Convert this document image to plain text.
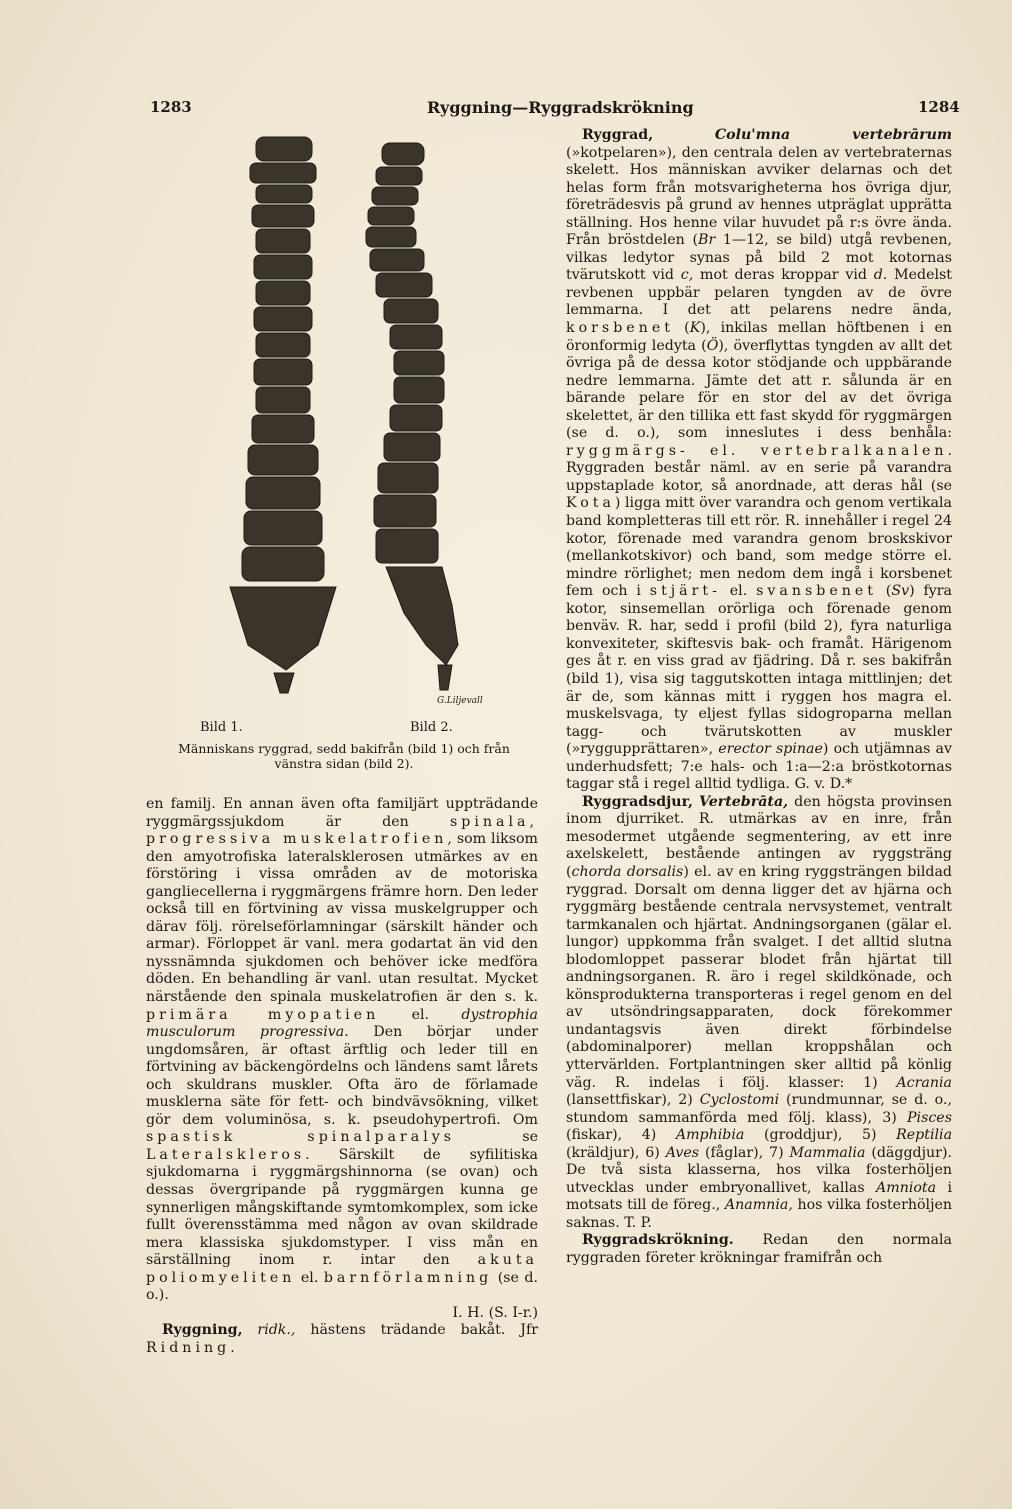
1283	Ryggning—Ryggradskrökning	1284
G.Liljevall
Bild 1.	Bild 2.
Människans ryggrad, sedd bakifrån (bild 1) och från
vänstra sidan (bild 2).

en familj. En annan även ofta familjärt uppträdande ryggmärgssjukdom är den	spinala, progressiva muskelatrofien, som liksom den amyotrofiska lateralsklerosen utmärkes av en förstöring i vissa områden av de motoriska gangliecellerna i ryggmärgens främre horn. Den leder också till en förtvining av vissa muskelgrupper och därav följ. rörelseförlamningar (särskilt händer och armar). Förloppet är vanl. mera godartat än vid den nyssnämnda sjukdomen och behöver icke medföra döden. En behandling är vanl. utan resultat. Mycket närstående den spinala muskelatrofien är den s. k. primära myopatien el. dystrophia musculorum progressiva. Den börjar under ungdomsåren, är oftast ärftlig och leder till en förtvining av bäckengördelns och ländens samt lårets och skuldrans muskler. Ofta äro de förlamade musklerna säte för fett- och bindvävsökning, vilket gör dem voluminösa, s. k. pseudohypertrofi. Om spastisk spinalparalys	se Lateralskleros. Särskilt de syfilitiska sjukdomarna i ryggmärgshinnorna (se ovan) och dessas övergripande på ryggmärgen kunna ge synnerligen mångskiftande symtomkomplex, som icke fullt överensstämma med någon av ovan skildrade mera klassiska sjukdomstyper. I viss mån en särställning inom r. intar den akuta poliomyeliten el. barnförlamning (se d. o.).

I. H. (S. I-r.)

Ryggning, ridk., hästens trädande bakåt. Jfr Ridning.

Ryggrad,	Colu'mna vertebrārum (»kotpelaren»), den centrala delen av vertebraternas skelett. Hos människan avviker delarnas och det helas form från motsvarigheterna hos övriga djur, företrädesvis på grund av hennes utpräglat upprätta ställning. Hos henne vilar huvudet på r:s övre ända. Från bröstdelen (Br 1—12, se bild) utgå revbenen, vilkas ledytor synas på bild 2 mot kotornas tvärutskott vid c, mot deras kroppar vid d. Medelst revbenen uppbär pelaren tyngden av de övre lemmarna. I det att pelarens nedre ända, korsbenet (K), inkilas mellan höftbenen i en öronformig ledyta (Ö), överflyttas tyngden av allt det övriga på de dessa kotor stödjande och uppbärande nedre lemmarna. Jämte det att r. sålunda är en bärande pelare för en stor del av det övriga skelettet, är den tillika ett fast skydd för ryggmärgen (se d. o.), som inneslutes i dess benhåla: ryggmärgs- el. vertebralkanalen. Ryggraden består näml. av en serie på varandra uppstaplade kotor, så anordnade, att deras hål (se Kota) ligga mitt över varandra och genom vertikala band kompletteras till ett rör. R. innehåller i regel 24 kotor, förenade med varandra genom broskskivor (mellankotskivor) och band, som medge större el. mindre rörlighet; men nedom dem ingå i korsbenet fem och i stjärt- el. svansbenet (Sv) fyra kotor, sinsemellan orörliga och förenade genom benväv. R. har, sedd i profil (bild 2), fyra naturliga konvexiteter, skiftesvis bak- och framåt. Härigenom ges åt r. en viss grad av fjädring. Då r. ses bakifrån (bild 1), visa sig taggutskotten intaga mittlinjen; det är de, som kännas mitt i ryggen hos magra el. muskelsvaga, ty eljest fyllas sidogroparna mellan tagg- och tvärutskotten av muskler (»ryggupprättaren», erector spinae) och utjämnas av underhudsfett; 7:e hals- och 1:a—2:a bröstkotornas taggar stå i regel alltid tydliga. G. v. D.*

Ryggradsdjur, Vertebrāta, den högsta provinsen inom djurriket. R. utmärkas av en inre, från mesodermet utgående segmentering, av ett inre axelskelett, bestående antingen av ryggsträng (chorda dorsalis) el. av en kring ryggsträngen bildad ryggrad. Dorsalt om denna ligger det av hjärna och ryggmärg bestående centrala nervsystemet, ventralt tarmkanalen och hjärtat. Andningsorganen (gälar el. lungor) uppkomma från svalget. I det alltid slutna blodomloppet passerar blodet från hjärtat till andningsorganen. R. äro i regel skildkönade, och könsprodukterna transporteras i regel genom en del av utsöndringsapparaten, dock förekommer undantagsvis även direkt förbindelse (abdominalporer) mellan kroppshålan och yttervärlden. Fortplantningen sker alltid på könlig väg. R. indelas i följ. klasser: 1) Acrania (lansettfiskar), 2) Cyclostomi (rundmunnar, se d. o., stundom sammanförda med följ. klass), 3) Pisces (fiskar), 4) Amphibia (groddjur), 5) Reptilia (kräldjur), 6) Aves (fåglar), 7) Mammalia (däggdjur). De två sista klasserna, hos vilka fosterhöljen utvecklas under embryonallivet, kallas Amniota i motsats till de föreg., Anamnia, hos vilka fosterhöljen saknas. T. P.

Ryggradskrökning. Redan den normala ryggraden företer krökningar framifrån och
